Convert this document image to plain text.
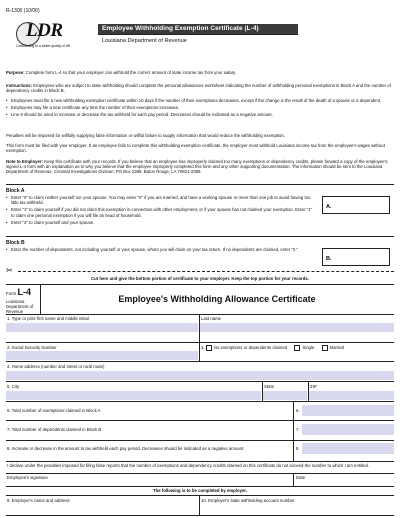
R-1300 (10/06)
LDR
Contributing to a better quality of life
Employee Withholding Exemption Certificate (L-4)
Louisiana Department of Revenue
Purpose: Complete form L-4 so that your employer can withhold the correct amount of state income tax from your salary.
Instructions: Employees who are subject to state withholding should complete the personal allowances worksheet indicating the number of withholding personal exemptions in Block A and the number of dependency credits in Block B.
• Employees must file a new withholding exemption certificate within 10 days if the number of their exemptions decreases, except if the change is the result of the death of a spouse or a dependent.
• Employees may file a new certificate any time the number of their exemptions increases.
• Line 8 should be used to increase or decrease the tax withheld for each pay period. Decreases should be indicated as a negative amount.
Penalties will be imposed for willfully supplying false information or willful failure to supply information that would reduce the withholding exemption.
This form must be filed with your employer. If an employee fails to complete this withholding exemption certificate, the employer must withhold Louisiana income tax from the employee's wages without exemption.
Note to Employer: Keep this certificate with your records. If you believe that an employee has improperly claimed too many exemptions or dependency credits, please forward a copy of the employee's signed L-4 form with an explanation as to why you believe that the employee improperly completed this form and any other supporting documentation. The information should be sent to the Louisiana Department of Revenue, Criminal Investigations Division, PO Box 2389, Baton Rouge, LA 70821-2389.
Block A
• Enter "0" to claim neither yourself nor your spouse. You may enter "0" if you are married, and have a working spouse or more than one job to avoid having too little tax withheld.
• Enter "1" to claim yourself if you did not claim this exemption in connection with other employment, or if your spouse has not claimed your exemption. Enter "1" to claim one personal exemption if you will file as head of household.
• Enter "2" to claim yourself and your spouse.
A.
Block B
• Enter the number of dependents, not including yourself or your spouse, whom you will claim on your tax return. If no dependents are claimed, enter "0."
B.
✂
Cut here and give the bottom portion of certificate to your employer. Keep the top portion for your records.
Form L-4
Louisiana
Department of
Revenue
Employee's Withholding Allowance Certificate
1. Type or print first name and middle initial	Last name
2. Social Security Number	3. No exemptions or dependents claimed	Single	Married
4. Home address (number and street or rural route)
5. City	State	ZIP
6. Total number of exemptions claimed in Block A	6.
7. Total number of dependents claimed in Block B	7.
8. Increase or decrease in the amount to tax withheld each pay period. Decreases should be indicated as a negative amount.	8.
I declare under the penalties imposed for filing false reports that the number of exemptions and dependency credits claimed on this certificate do not exceed the number to which I am entitled.
Employee's signature	Date
The following is to be completed by employer.
9. Employer's name and address	10. Employer's state withholding account number
